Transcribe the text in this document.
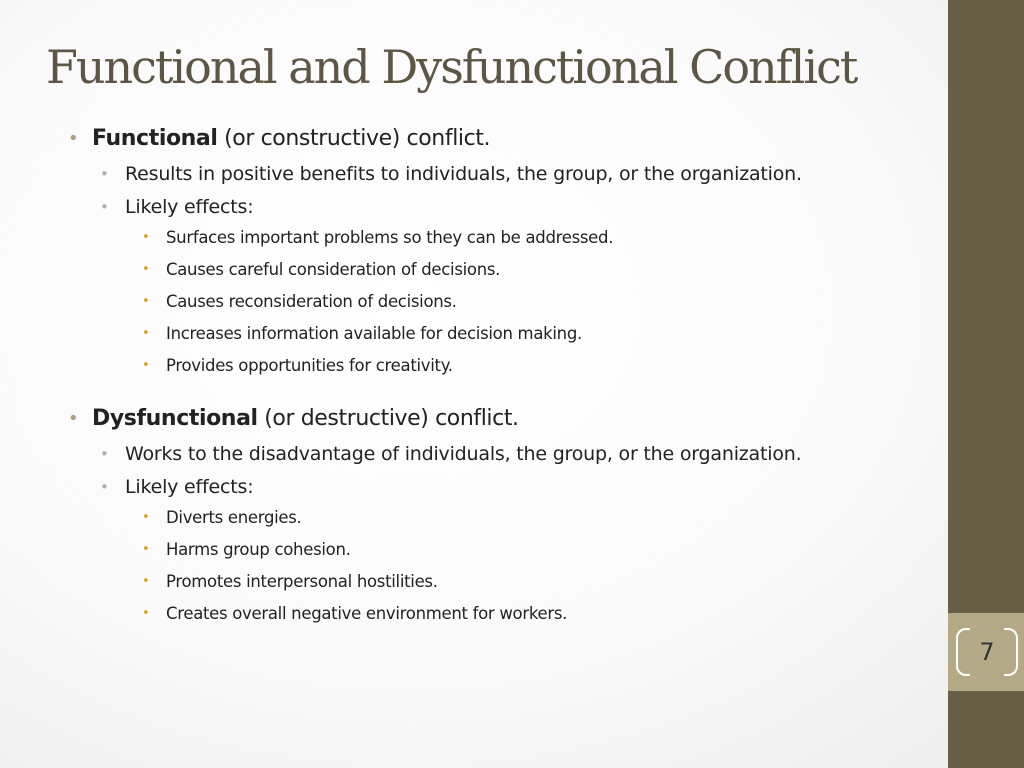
7
Functional and Dysfunctional Conflict
• Functional (or constructive) conflict.
• Results in positive benefits to individuals, the group, or the organization.
• Likely effects:
• Surfaces important problems so they can be addressed.
• Causes careful consideration of decisions.
• Causes reconsideration of decisions.
• Increases information available for decision making.
• Provides opportunities for creativity.
• Dysfunctional (or destructive) conflict.
• Works to the disadvantage of individuals, the group, or the organization.
• Likely effects:
• Diverts energies.
• Harms group cohesion.
• Promotes interpersonal hostilities.
• Creates overall negative environment for workers.
